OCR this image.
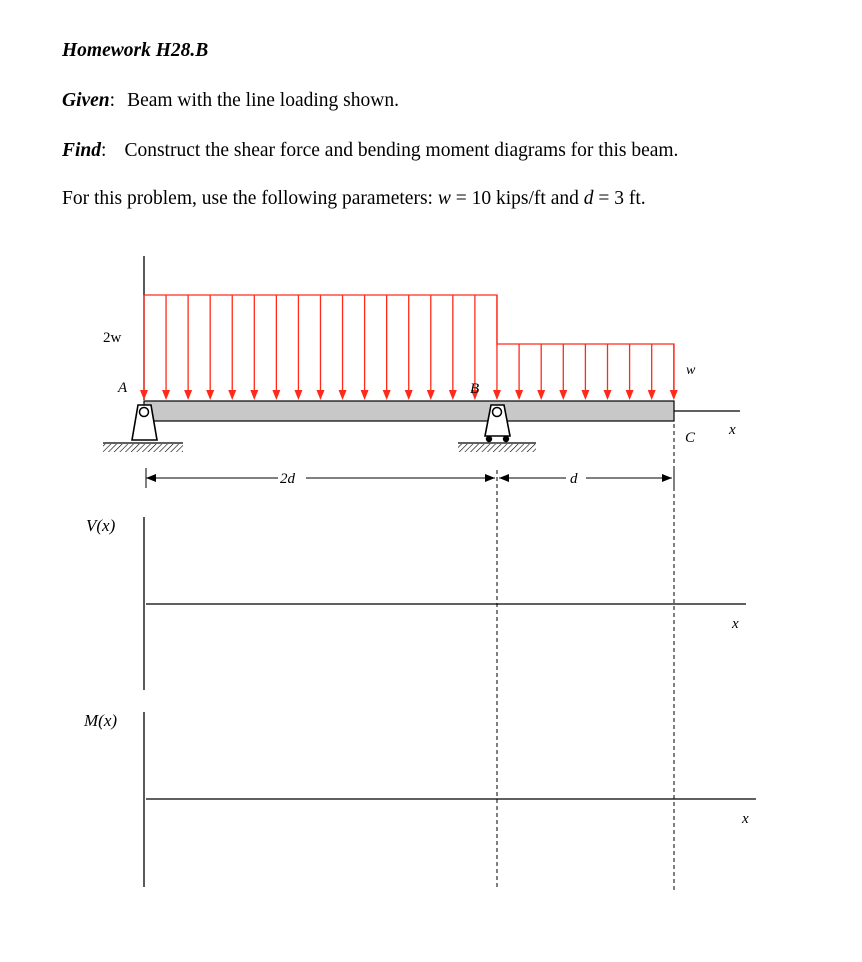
Homework H28.B
Given: Beam with the line loading shown.
Find: Construct the shear force and bending moment diagrams for this beam.
For this problem, use the following parameters: w = 10 kips/ft and d = 3 ft.
2w
w
A	B
C x
2d	d
V(x)
x
M(x)
x
